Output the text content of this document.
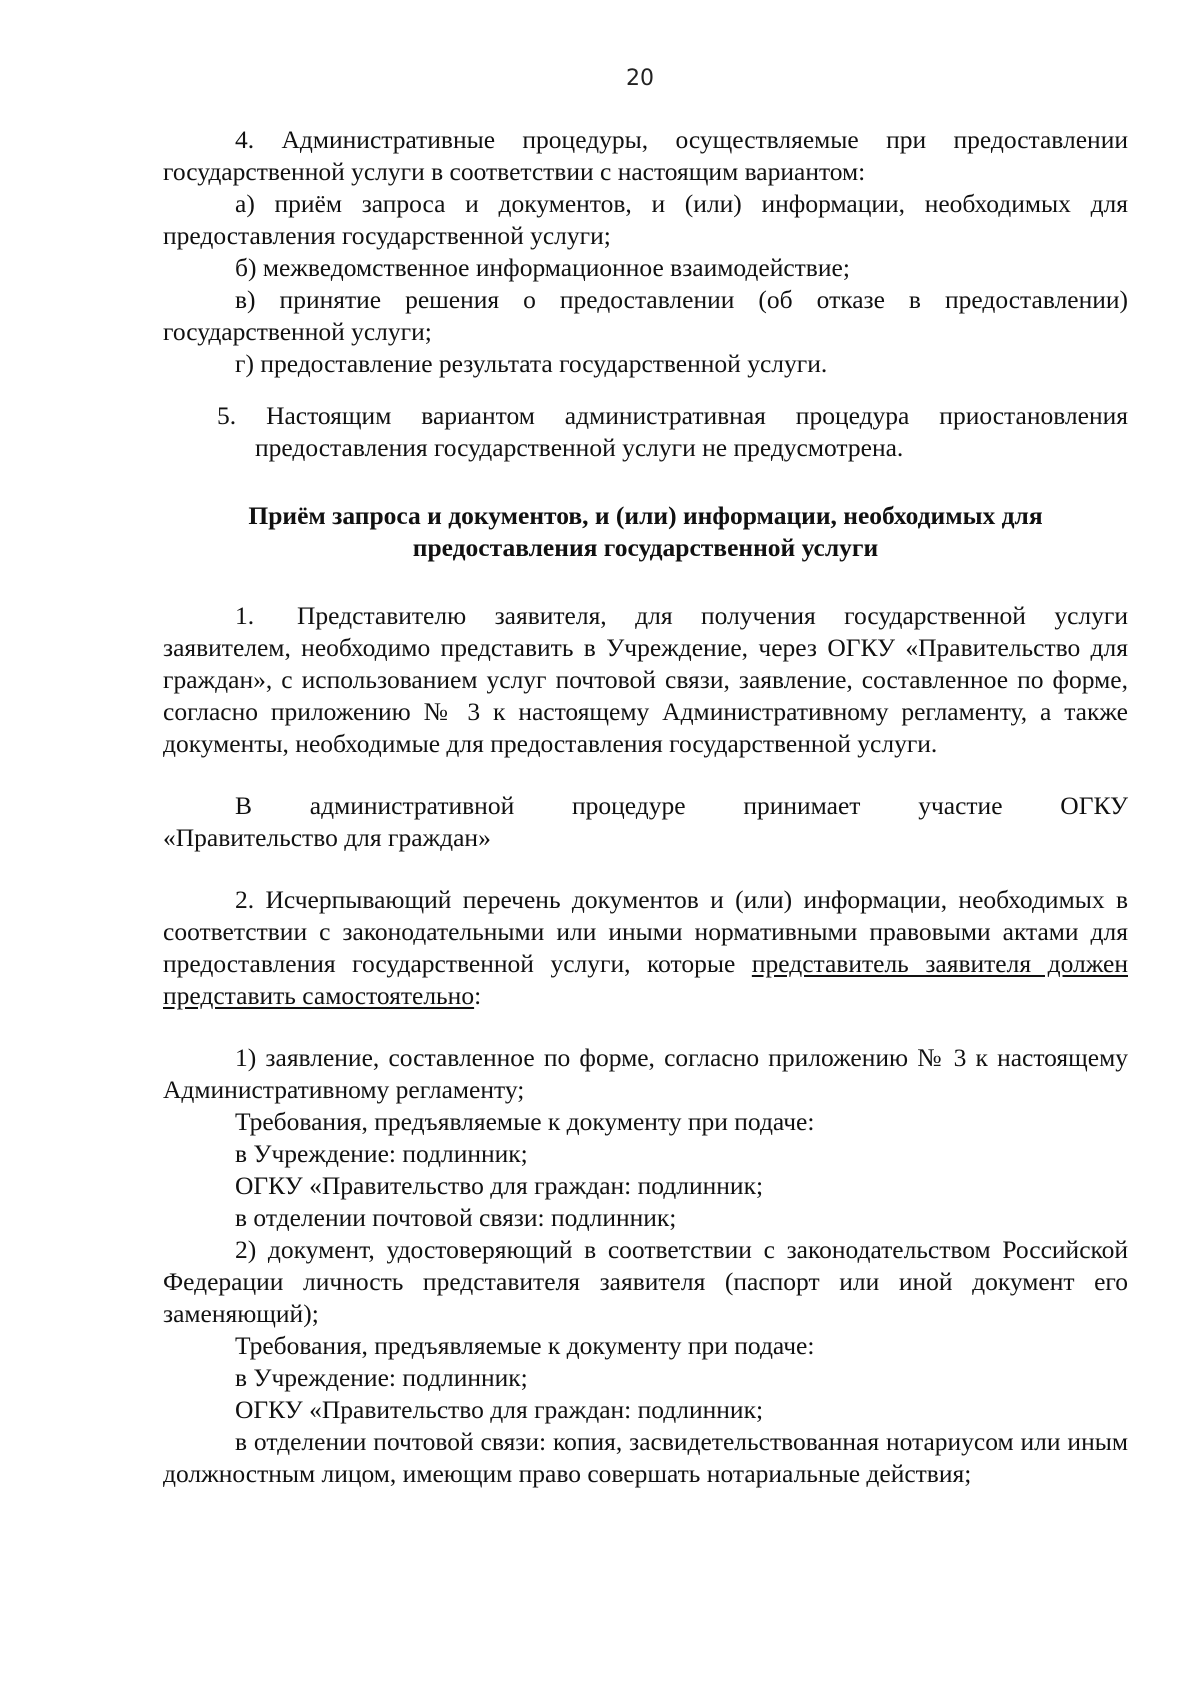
20

4. Административные процедуры, осуществляемые при предоставлении государственной услуги в соответствии с настоящим вариантом:

а) приём запроса и документов, и (или) информации, необходимых для предоставления государственной услуги;

б) межведомственное информационное взаимодействие;

в) принятие решения о предоставлении (об отказе в предоставлении) государственной услуги;

г) предоставление результата государственной услуги.

5. Настоящим вариантом административная процедура приостановления предоставления государственной услуги не предусмотрена.

Приём запроса и документов, и (или) информации, необходимых для предоставления государственной услуги

1. Представителю заявителя, для получения государственной услуги заявителем, необходимо представить в Учреждение, через ОГКУ «Правительство для граждан», с использованием услуг почтовой связи, заявление, составленное по форме, согласно приложению № 3 к настоящему Административному регламенту, а также документы, необходимые для предоставления государственной услуги.

В административной процедуре принимает участие ОГКУ

«Правительство для граждан»

2. Исчерпывающий перечень документов и (или) информации, необходимых в соответствии с законодательными или иными нормативными правовыми актами для предоставления государственной услуги, которые представитель заявителя должен представить самостоятельно:

1) заявление, составленное по форме, согласно приложению № 3 к настоящему Административному регламенту;

Требования, предъявляемые к документу при подаче:

в Учреждение: подлинник;

ОГКУ «Правительство для граждан: подлинник;

в отделении почтовой связи: подлинник;

2) документ, удостоверяющий в соответствии с законодательством Российской Федерации личность представителя заявителя (паспорт или иной документ его заменяющий);

Требования, предъявляемые к документу при подаче:

в Учреждение: подлинник;

ОГКУ «Правительство для граждан: подлинник;

в отделении почтовой связи: копия, засвидетельствованная нотариусом или иным должностным лицом, имеющим право совершать нотариальные действия;
